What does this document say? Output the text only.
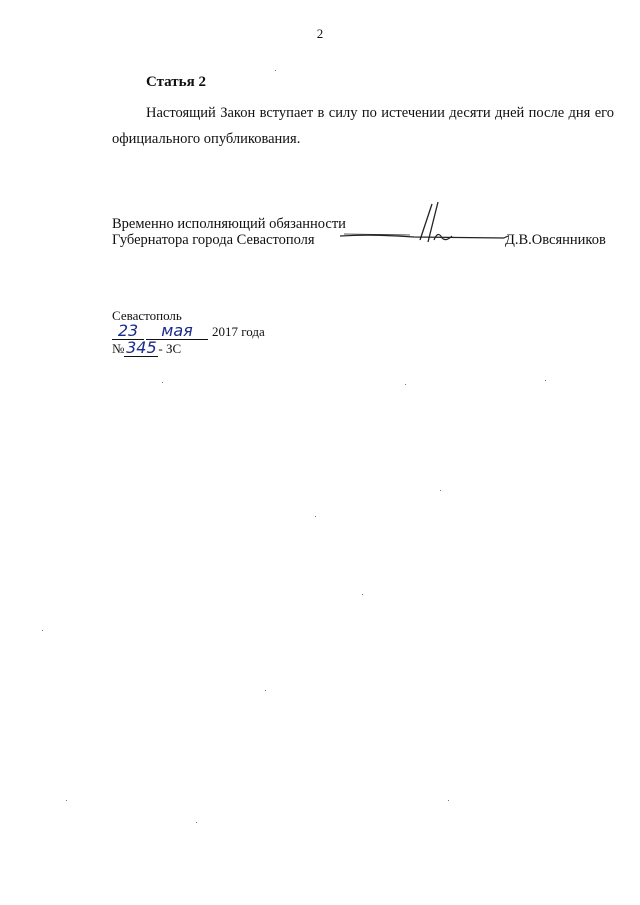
2
Статья 2
Настоящий Закон вступает в силу по истечении десяти дней после дня его официального опубликования.
Временно исполняющий обязанности
Губернатора города Севастополя	Д.В.Овсянников
Севастополь
23 мая 2017 года
№ 345 - ЗС
